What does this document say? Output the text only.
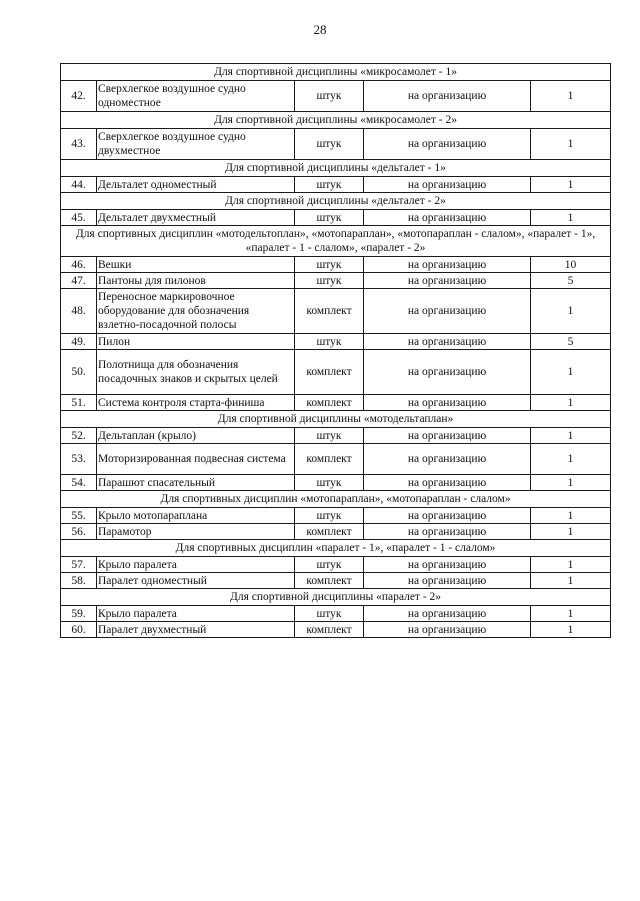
28
Для спортивной дисциплины «микросамолет - 1»				
42.	Сверхлегкое воздушное судно одноместное	штук	на организацию	1
Для спортивной дисциплины «микросамолет - 2»				
43.	Сверхлегкое воздушное судно двухместное	штук	на организацию	1
Для спортивной дисциплины «дельталет - 1»				
44.	Дельталет одноместный	штук	на организацию	1
Для спортивной дисциплины «дельталет - 2»				
45.	Дельталет двухместный	штук	на организацию	1
Для спортивных дисциплин «мотодельтоплан», «мотопараплан», «мотопараплан - слалом», «паралет - 1», «паралет - 1 - слалом», «паралет - 2»				
46.	Вешки	штук	на организацию	10
47.	Пантоны для пилонов	штук	на организацию	5
48.	Переносное маркировочное оборудование для обозначения взлетно-посадочной полосы	комплект	на организацию	1
49.	Пилон	штук	на организацию	5
50.	Полотнища для обозначения посадочных знаков и скрытых целей	комплект	на организацию	1
51.	Система контроля старта-финиша	комплект	на организацию	1
Для спортивной дисциплины «мотодельтаплан»				
52.	Дельтаплан (крыло)	штук	на организацию	1
53.	Моторизированная подвесная система	комплект	на организацию	1
54.	Парашют спасательный	штук	на организацию	1
Для спортивных дисциплин «мотопараплан», «мотопараплан - слалом»				
55.	Крыло мотопараплана	штук	на организацию	1
56.	Парамотор	комплект	на организацию	1
Для спортивных дисциплин «паралет - 1», «паралет - 1 - слалом»				
57.	Крыло паралета	штук	на организацию	1
58.	Паралет одноместный	комплект	на организацию	1
Для спортивной дисциплины «паралет - 2»				
59.	Крыло паралета	штук	на организацию	1
60.	Паралет двухместный	комплект	на организацию	1
